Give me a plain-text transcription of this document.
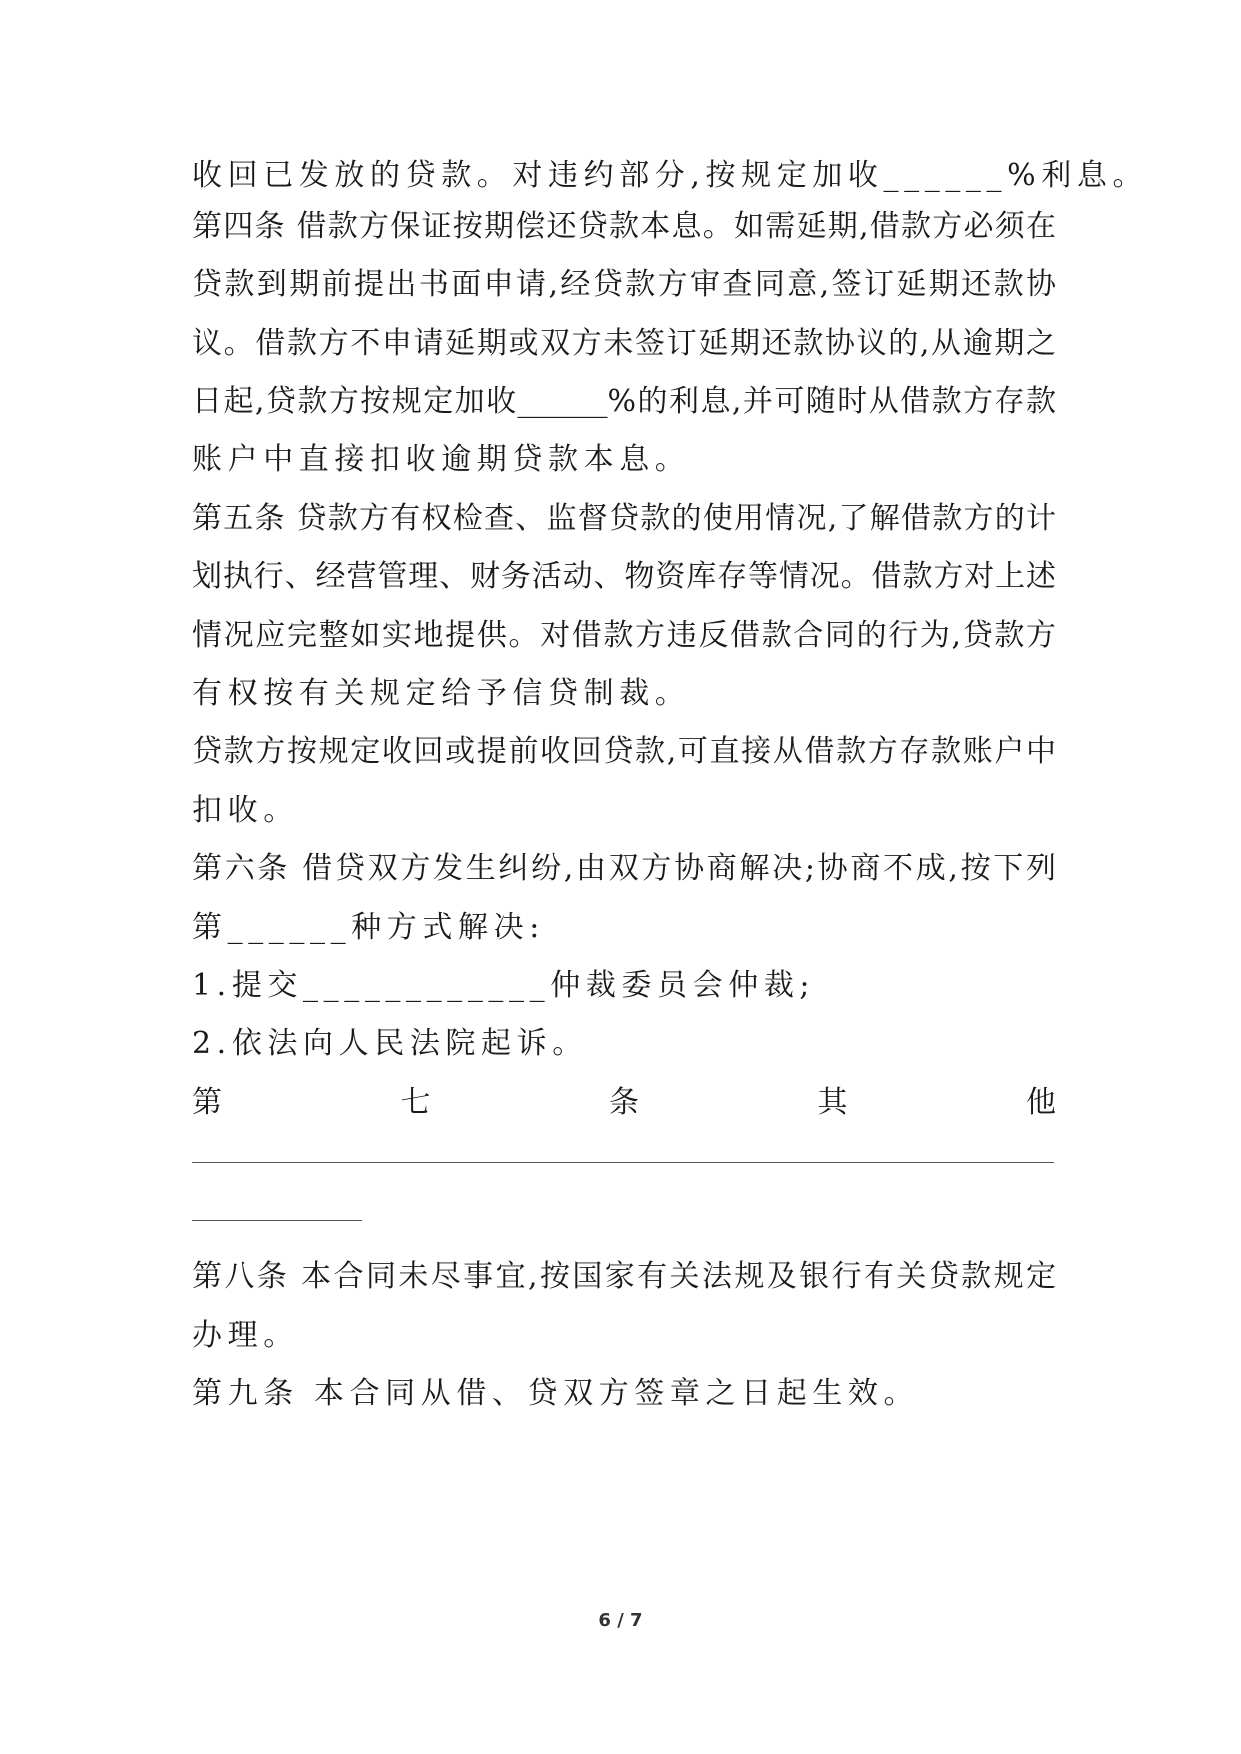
收回已发放的贷款。对违约部分,按规定加收______%利息。
第四条 借款方保证按期偿还贷款本息。如需延期,借款方必须在
贷款到期前提出书面申请,经贷款方审查同意,签订延期还款协
议。借款方不申请延期或双方未签订延期还款协议的,从逾期之
日起,贷款方按规定加收______%的利息,并可随时从借款方存款
账户中直接扣收逾期贷款本息。
第五条 贷款方有权检查、监督贷款的使用情况,了解借款方的计
划执行、经营管理、财务活动、物资库存等情况。借款方对上述
情况应完整如实地提供。对借款方违反借款合同的行为,贷款方
有权按有关规定给予信贷制裁。
贷款方按规定收回或提前收回贷款,可直接从借款方存款账户中
扣收。
第六条 借贷双方发生纠纷,由双方协商解决;协商不成,按下列
第______种方式解决:
1.提交____________仲裁委员会仲裁;
2.依法向人民法院起诉。
第	七	条	其	他
第八条 本合同未尽事宜,按国家有关法规及银行有关贷款规定
办理。
第九条 本合同从借、贷双方签章之日起生效。
6 / 7
